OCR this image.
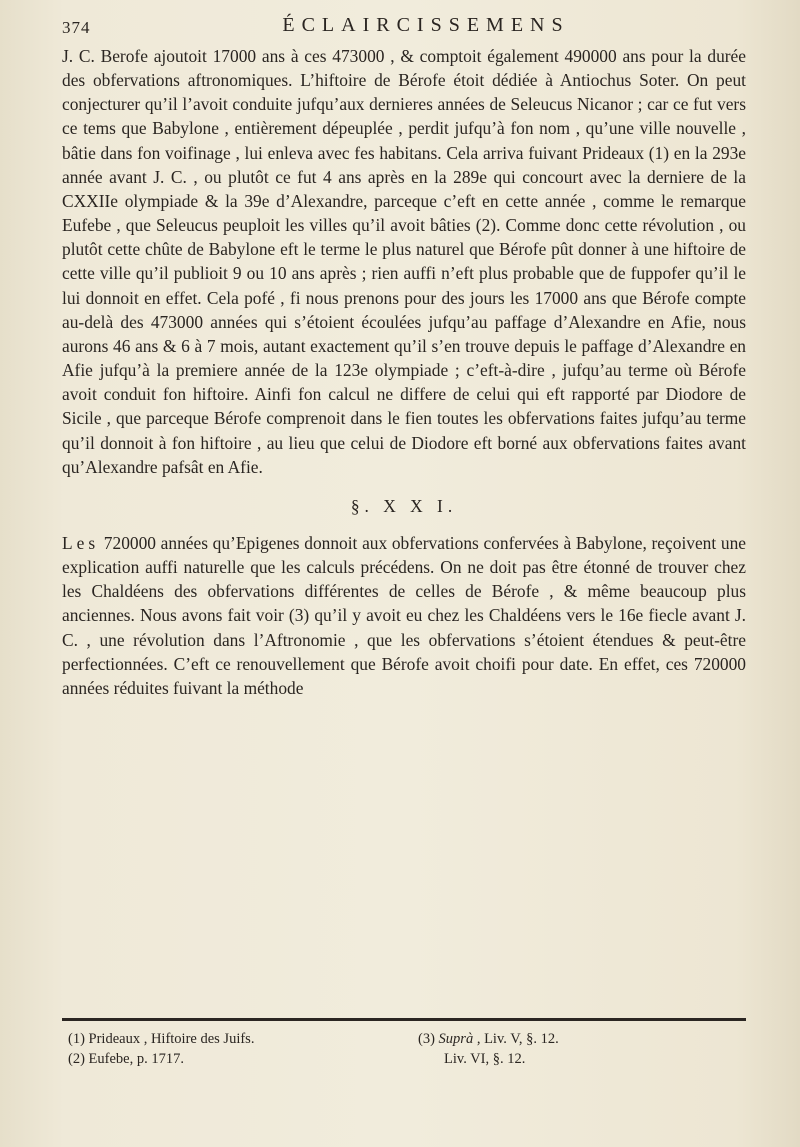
374	ÉCLAIRCISSEMENS

J. C. Berofe ajoutoit 17000 ans à ces 473000 , & comptoit également 490000 ans pour la durée des obfervations aftronomiques. L’hiftoire de Bérofe étoit dédiée à Antiochus Soter. On peut conjecturer qu’il l’avoit conduite jufqu’aux dernieres années de Seleucus Nicanor ; car ce fut vers ce tems que Babylone , entièrement dépeuplée , perdit jufqu’à fon nom , qu’une ville nouvelle , bâtie dans fon voifinage , lui enleva avec fes habitans. Cela arriva fuivant Prideaux (1) en la 293e année avant J. C. , ou plutôt ce fut 4 ans après en la 289e qui concourt avec la derniere de la CXXIIe olympiade & la 39e d’Alexandre, parceque c’eft en cette année , comme le remarque Eufebe , que Seleucus peuploit les villes qu’il avoit bâties (2). Comme donc cette révolution , ou plutôt cette chûte de Babylone eft le terme le plus naturel que Bérofe pût donner à une hiftoire de cette ville qu’il publioit 9 ou 10 ans après ; rien auffi n’eft plus probable que de fuppofer qu’il le lui donnoit en effet. Cela pofé , fi nous prenons pour des jours les 17000 ans que Bérofe compte au-delà des 473000 années qui s’étoient écoulées jufqu’au paffage d’Alexandre en Afie, nous aurons 46 ans & 6 à 7 mois, autant exactement qu’il s’en trouve depuis le paffage d’Alexandre en Afie jufqu’à la premiere année de la 123e olympiade ; c’eft-à-dire , jufqu’au terme où Bérofe avoit conduit fon hiftoire. Ainfi fon calcul ne differe de celui qui eft rapporté par Diodore de Sicile , que parceque Bérofe comprenoit dans le fien toutes les obfervations faites jufqu’au terme qu’il donnoit à fon hiftoire , au lieu que celui de Diodore eft borné aux obfervations faites avant qu’Alexandre pafsât en Afie.

§. X X I.

Les 720000 années qu’Epigenes donnoit aux obfervations confervées à Babylone, reçoivent une explication auffi naturelle que les calculs précédens. On ne doit pas être étonné de trouver chez les Chaldéens des obfervations différentes de celles de Bérofe , & même beaucoup plus anciennes. Nous avons fait voir (3) qu’il y avoit eu chez les Chaldéens vers le 16e fiecle avant J. C. , une révolution dans l’Aftronomie , que les obfervations s’étoient étendues & peut-être perfectionnées. C’eft ce renouvellement que Bérofe avoit choifi pour date. En effet, ces 720000 années réduites fuivant la méthode

(1) Prideaux , Hiftoire des Juifs.
(2) Eufebe, p. 1717.
(3) Suprà , Liv. V, §. 12.
Liv. VI, §. 12.
